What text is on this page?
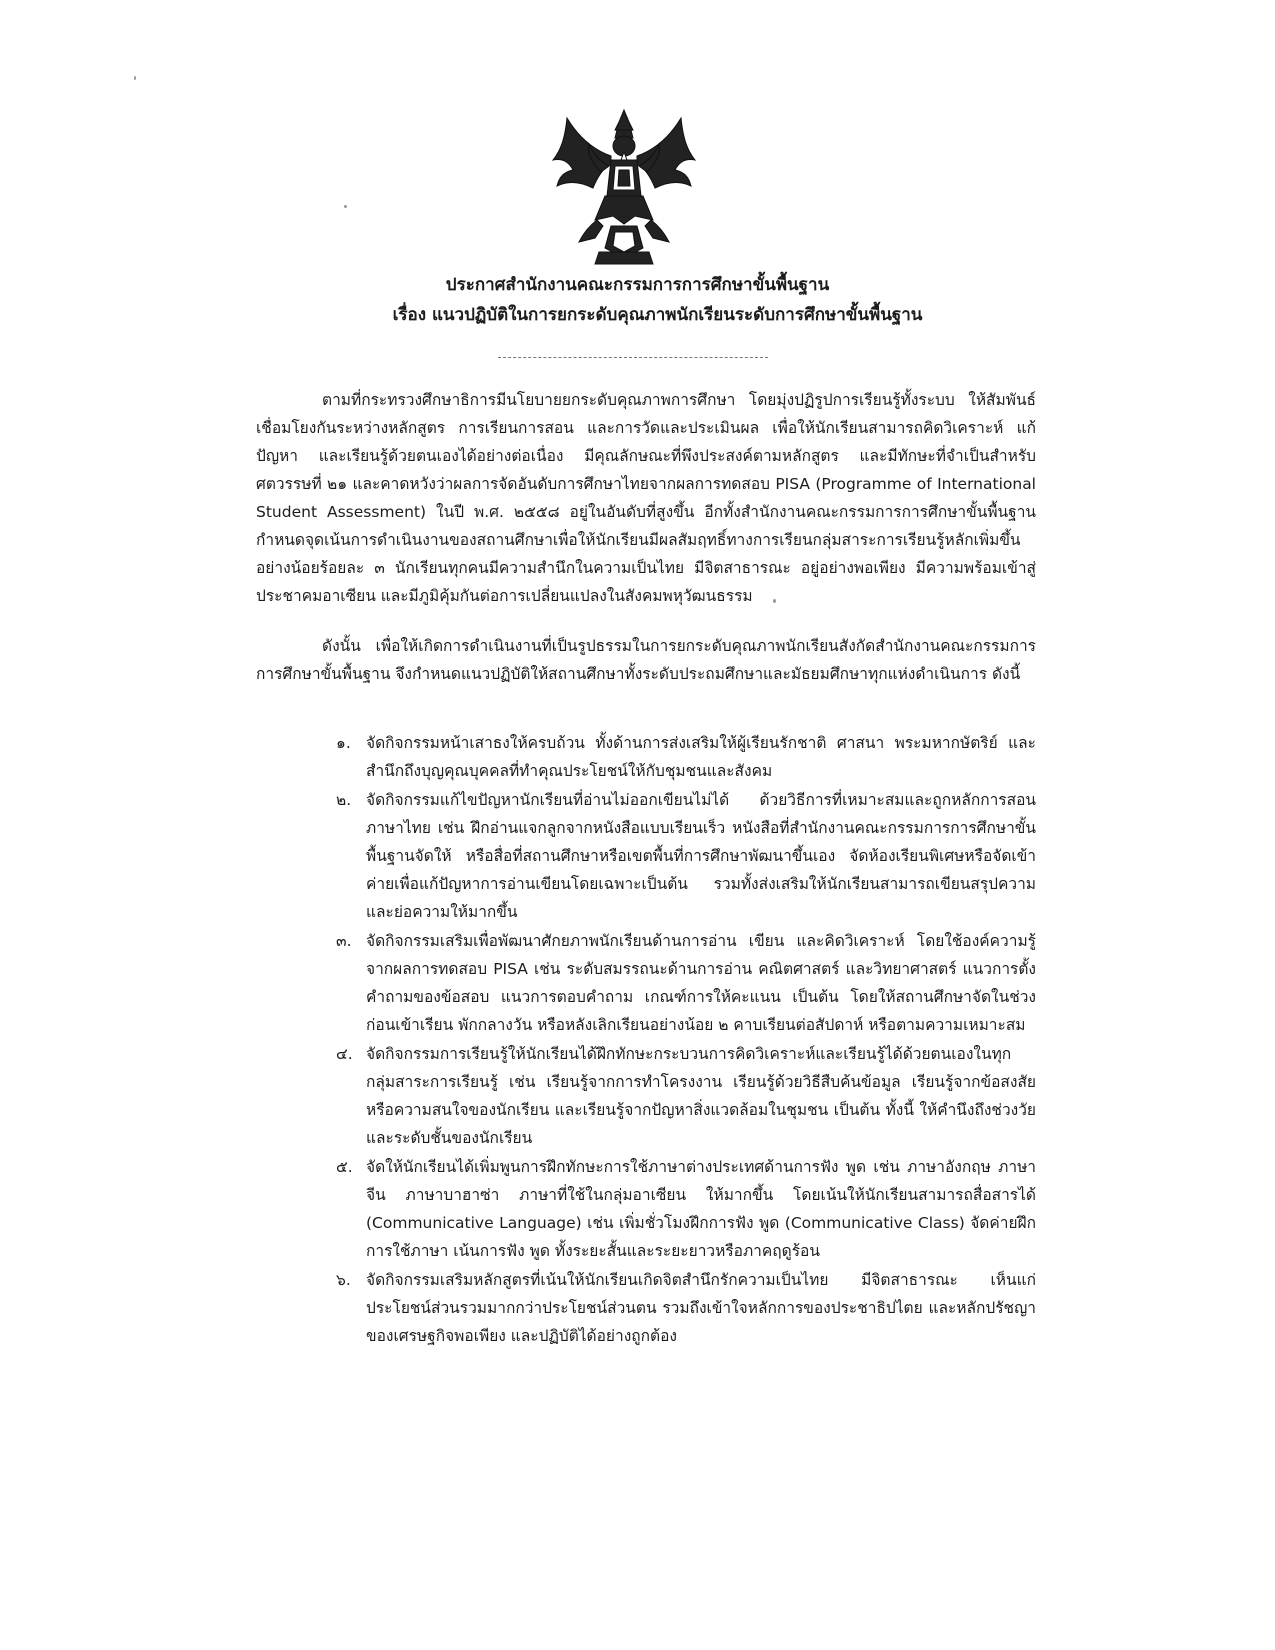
ประกาศสำนักงานคณะกรรมการการศึกษาขั้นพื้นฐาน
เรื่อง แนวปฏิบัติในการยกระดับคุณภาพนักเรียนระดับการศึกษาขั้นพื้นฐาน
ตามที่กระทรวงศึกษาธิการมีนโยบายยกระดับคุณภาพการศึกษา โดยมุ่งปฏิรูปการเรียนรู้ทั้งระบบ ให้สัมพันธ์เชื่อมโยงกันระหว่างหลักสูตร การเรียนการสอน และการวัดและประเมินผล เพื่อให้นักเรียนสามารถคิดวิเคราะห์ แก้ปัญหา และเรียนรู้ด้วยตนเองได้อย่างต่อเนื่อง มีคุณลักษณะที่พึงประสงค์ตามหลักสูตร และมีทักษะที่จำเป็นสำหรับศตวรรษที่ ๒๑ และคาดหวังว่าผลการจัดอันดับการศึกษาไทยจากผลการทดสอบ PISA (Programme of International Student Assessment) ในปี พ.ศ. ๒๕๕๘ อยู่ในอันดับที่สูงขึ้น อีกทั้งสำนักงานคณะกรรมการการศึกษาขั้นพื้นฐานกำหนดจุดเน้นการดำเนินงานของสถานศึกษาเพื่อให้นักเรียนมีผลสัมฤทธิ์ทางการเรียนกลุ่มสาระการเรียนรู้หลักเพิ่มขึ้นอย่างน้อยร้อยละ ๓ นักเรียนทุกคนมีความสำนึกในความเป็นไทย มีจิตสาธารณะ อยู่อย่างพอเพียง มีความพร้อมเข้าสู่ประชาคมอาเซียน และมีภูมิคุ้มกันต่อการเปลี่ยนแปลงในสังคมพหุวัฒนธรรม
ดังนั้น เพื่อให้เกิดการดำเนินงานที่เป็นรูปธรรมในการยกระดับคุณภาพนักเรียนสังกัดสำนักงานคณะกรรมการการศึกษาขั้นพื้นฐาน จึงกำหนดแนวปฏิบัติให้สถานศึกษาทั้งระดับประถมศึกษาและมัธยมศึกษาทุกแห่งดำเนินการ ดังนี้
๑. จัดกิจกรรมหน้าเสาธงให้ครบถ้วน ทั้งด้านการส่งเสริมให้ผู้เรียนรักชาติ ศาสนา พระมหากษัตริย์ และสำนึกถึงบุญคุณบุคคลที่ทำคุณประโยชน์ให้กับชุมชนและสังคม
๒. จัดกิจกรรมแก้ไขปัญหานักเรียนที่อ่านไม่ออกเขียนไม่ได้ ด้วยวิธีการที่เหมาะสมและถูกหลักการสอนภาษาไทย เช่น ฝึกอ่านแจกลูกจากหนังสือแบบเรียนเร็ว หนังสือที่สำนักงานคณะกรรมการการศึกษาขั้นพื้นฐานจัดให้ หรือสื่อที่สถานศึกษาหรือเขตพื้นที่การศึกษาพัฒนาขึ้นเอง จัดห้องเรียนพิเศษหรือจัดเข้าค่ายเพื่อแก้ปัญหาการอ่านเขียนโดยเฉพาะเป็นต้น รวมทั้งส่งเสริมให้นักเรียนสามารถเขียนสรุปความและย่อความให้มากขึ้น
๓. จัดกิจกรรมเสริมเพื่อพัฒนาศักยภาพนักเรียนด้านการอ่าน เขียน และคิดวิเคราะห์ โดยใช้องค์ความรู้จากผลการทดสอบ PISA เช่น ระดับสมรรถนะด้านการอ่าน คณิตศาสตร์ และวิทยาศาสตร์ แนวการตั้งคำถามของข้อสอบ แนวการตอบคำถาม เกณฑ์การให้คะแนน เป็นต้น โดยให้สถานศึกษาจัดในช่วงก่อนเข้าเรียน พักกลางวัน หรือหลังเลิกเรียนอย่างน้อย ๒ คาบเรียนต่อสัปดาห์ หรือตามความเหมาะสม
๔. จัดกิจกรรมการเรียนรู้ให้นักเรียนได้ฝึกทักษะกระบวนการคิดวิเคราะห์และเรียนรู้ได้ด้วยตนเองในทุกกลุ่มสาระการเรียนรู้ เช่น เรียนรู้จากการทำโครงงาน เรียนรู้ด้วยวิธีสืบค้นข้อมูล เรียนรู้จากข้อสงสัยหรือความสนใจของนักเรียน และเรียนรู้จากปัญหาสิ่งแวดล้อมในชุมชน เป็นต้น ทั้งนี้ ให้คำนึงถึงช่วงวัยและระดับชั้นของนักเรียน
๕. จัดให้นักเรียนได้เพิ่มพูนการฝึกทักษะการใช้ภาษาต่างประเทศด้านการฟัง พูด เช่น ภาษาอังกฤษ ภาษาจีน ภาษาบาฮาซ่า ภาษาที่ใช้ในกลุ่มอาเซียน ให้มากขึ้น โดยเน้นให้นักเรียนสามารถสื่อสารได้ (Communicative Language) เช่น เพิ่มชั่วโมงฝึกการฟัง พูด (Communicative Class) จัดค่ายฝึกการใช้ภาษา เน้นการฟัง พูด ทั้งระยะสั้นและระยะยาวหรือภาคฤดูร้อน
๖. จัดกิจกรรมเสริมหลักสูตรที่เน้นให้นักเรียนเกิดจิตสำนึกรักความเป็นไทย มีจิตสาธารณะ เห็นแก่ประโยชน์ส่วนรวมมากกว่าประโยชน์ส่วนตน รวมถึงเข้าใจหลักการของประชาธิปไตย และหลักปรัชญาของเศรษฐกิจพอเพียง และปฏิบัติได้อย่างถูกต้อง
